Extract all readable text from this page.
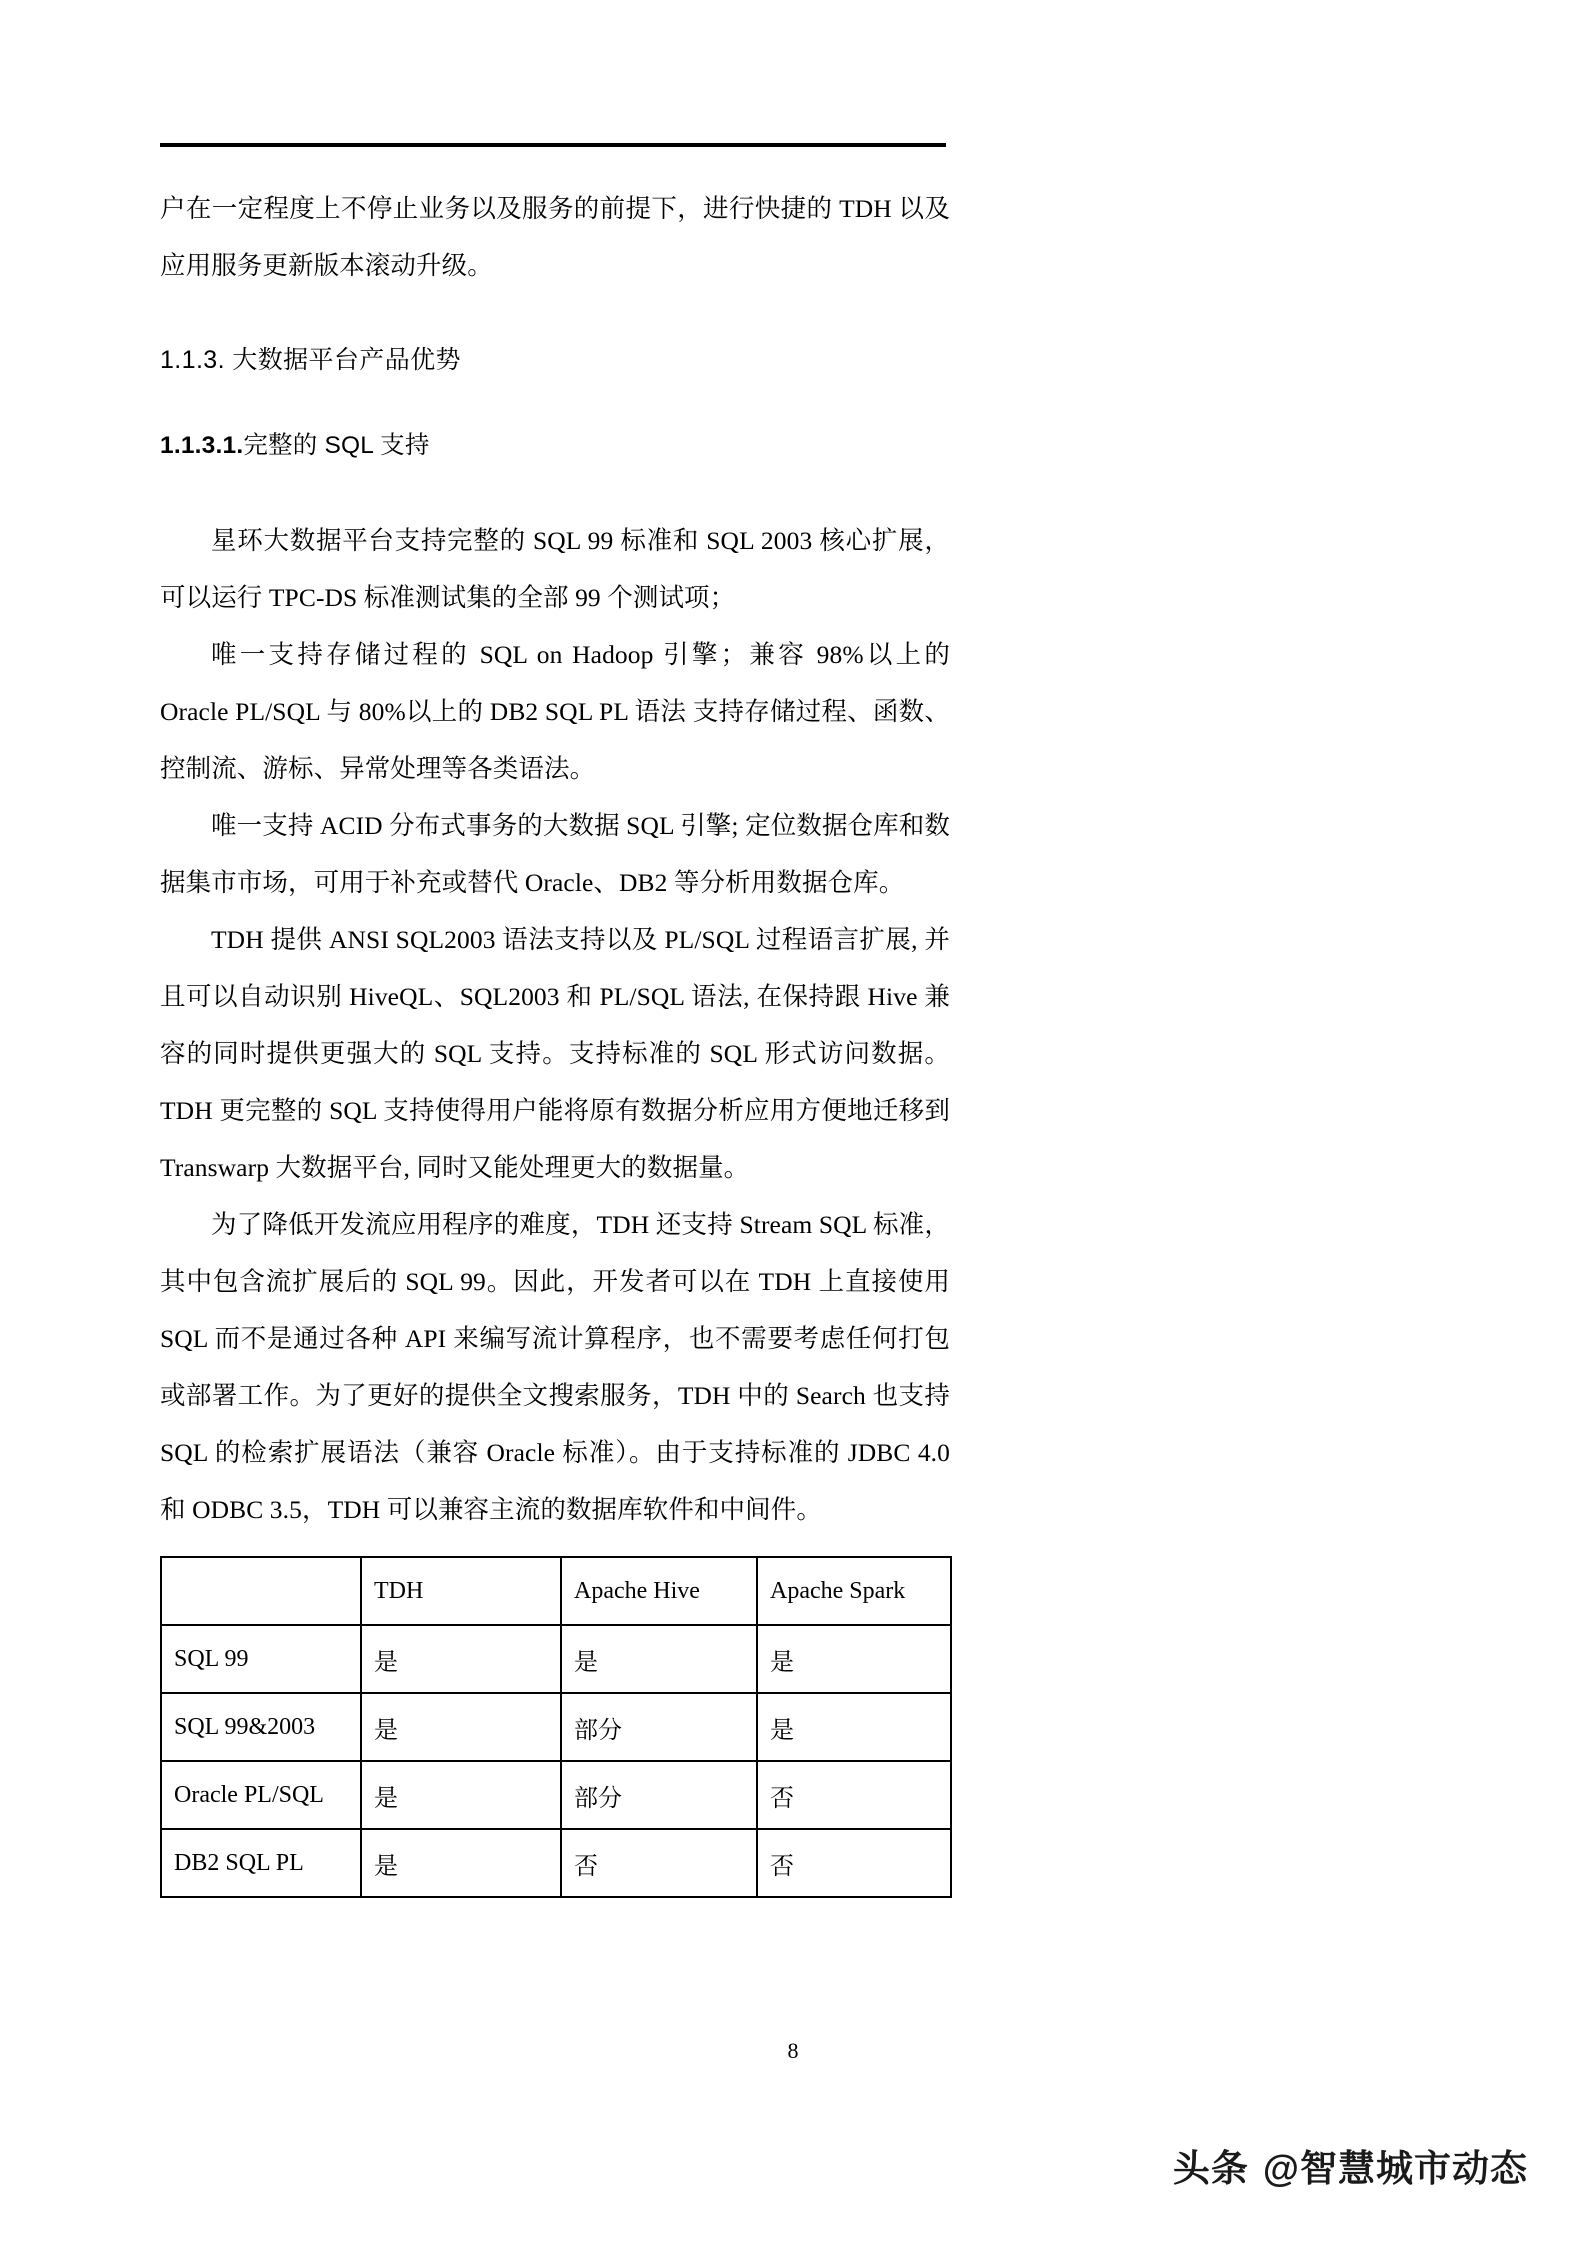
户在一定程度上不停止业务以及服务的前提下，进行快捷的 TDH 以及应用服务更新版本滚动升级。

1.1.3. 大数据平台产品优势
1.1.3.1.完整的 SQL 支持

星环大数据平台支持完整的 SQL 99 标准和 SQL 2003 核心扩展，可以运行 TPC-DS 标准测试集的全部 99 个测试项；

唯一支持存储过程的 SQL on Hadoop 引擎；兼容 98%以上的 Oracle PL/SQL 与 80%以上的 DB2 SQL PL 语法 支持存储过程、函数、控制流、游标、异常处理等各类语法。

唯一支持 ACID 分布式事务的大数据 SQL 引擎; 定位数据仓库和数据集市市场，可用于补充或替代 Oracle、DB2 等分析用数据仓库。

TDH 提供 ANSI SQL2003 语法支持以及 PL/SQL 过程语言扩展, 并且可以自动识别 HiveQL、SQL2003 和 PL/SQL 语法, 在保持跟 Hive 兼容的同时提供更强大的 SQL 支持。支持标准的 SQL 形式访问数据。TDH 更完整的 SQL 支持使得用户能将原有数据分析应用方便地迁移到 Transwarp 大数据平台, 同时又能处理更大的数据量。

为了降低开发流应用程序的难度，TDH 还支持 Stream SQL 标准，其中包含流扩展后的 SQL 99。因此，开发者可以在 TDH 上直接使用 SQL 而不是通过各种 API 来编写流计算程序，也不需要考虑任何打包或部署工作。为了更好的提供全文搜索服务，TDH 中的 Search 也支持 SQL 的检索扩展语法（兼容 Oracle 标准）。由于支持标准的 JDBC 4.0 和 ODBC 3.5，TDH 可以兼容主流的数据库软件和中间件。

	TDH	Apache Hive	Apache Spark
SQL 99	是	是	是
SQL 99&2003	是	部分	是
Oracle PL/SQL	是	部分	否
DB2 SQL PL	是	否	否
8
头条 @智慧城市动态
